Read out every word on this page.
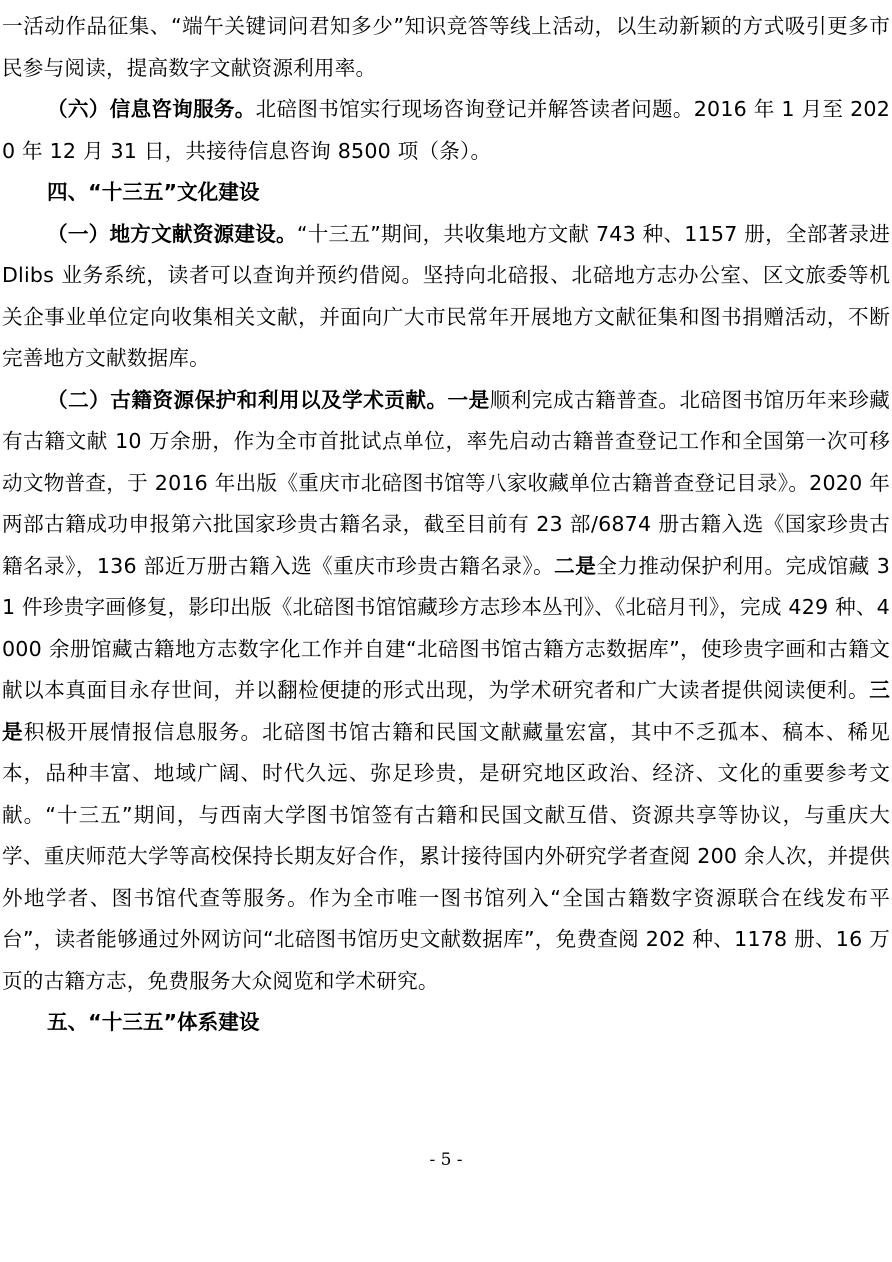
一活动作品征集、“端午关键词问君知多少”知识竞答等线上活动，以生动新颖的方式吸引更多市民参与阅读，提高数字文献资源利用率。

（六）信息咨询服务。北碚图书馆实行现场咨询登记并解答读者问题。2016 年 1 月至 2020 年 12 月 31 日，共接待信息咨询 8500 项（条）。

四、“十三五”文化建设

（一）地方文献资源建设。“十三五”期间，共收集地方文献 743 种、1157 册，全部著录进 Dlibs 业务系统，读者可以查询并预约借阅。坚持向北碚报、北碚地方志办公室、区文旅委等机关企事业单位定向收集相关文献，并面向广大市民常年开展地方文献征集和图书捐赠活动，不断完善地方文献数据库。

（二）古籍资源保护和利用以及学术贡献。一是顺利完成古籍普查。北碚图书馆历年来珍藏有古籍文献 10 万余册，作为全市首批试点单位，率先启动古籍普查登记工作和全国第一次可移动文物普查，于 2016 年出版《重庆市北碚图书馆等八家收藏单位古籍普查登记目录》。2020 年两部古籍成功申报第六批国家珍贵古籍名录，截至目前有 23 部/6874 册古籍入选《国家珍贵古籍名录》，136 部近万册古籍入选《重庆市珍贵古籍名录》。二是全力推动保护利用。完成馆藏 31 件珍贵字画修复，影印出版《北碚图书馆馆藏珍方志珍本丛刊》、《北碚月刊》，完成 429 种、4000 余册馆藏古籍地方志数字化工作并自建“北碚图书馆古籍方志数据库”，使珍贵字画和古籍文献以本真面目永存世间，并以翻检便捷的形式出现，为学术研究者和广大读者提供阅读便利。三是积极开展情报信息服务。北碚图书馆古籍和民国文献藏量宏富，其中不乏孤本、稿本、稀见本，品种丰富、地域广阔、时代久远、弥足珍贵，是研究地区政治、经济、文化的重要参考文献。“十三五”期间，与西南大学图书馆签有古籍和民国文献互借、资源共享等协议，与重庆大学、重庆师范大学等高校保持长期友好合作，累计接待国内外研究学者查阅 200 余人次，并提供外地学者、图书馆代查等服务。作为全市唯一图书馆列入“全国古籍数字资源联合在线发布平台”，读者能够通过外网访问“北碚图书馆历史文献数据库”，免费查阅 202 种、1178 册、16 万页的古籍方志，免费服务大众阅览和学术研究。

五、“十三五”体系建设

- 5 -
